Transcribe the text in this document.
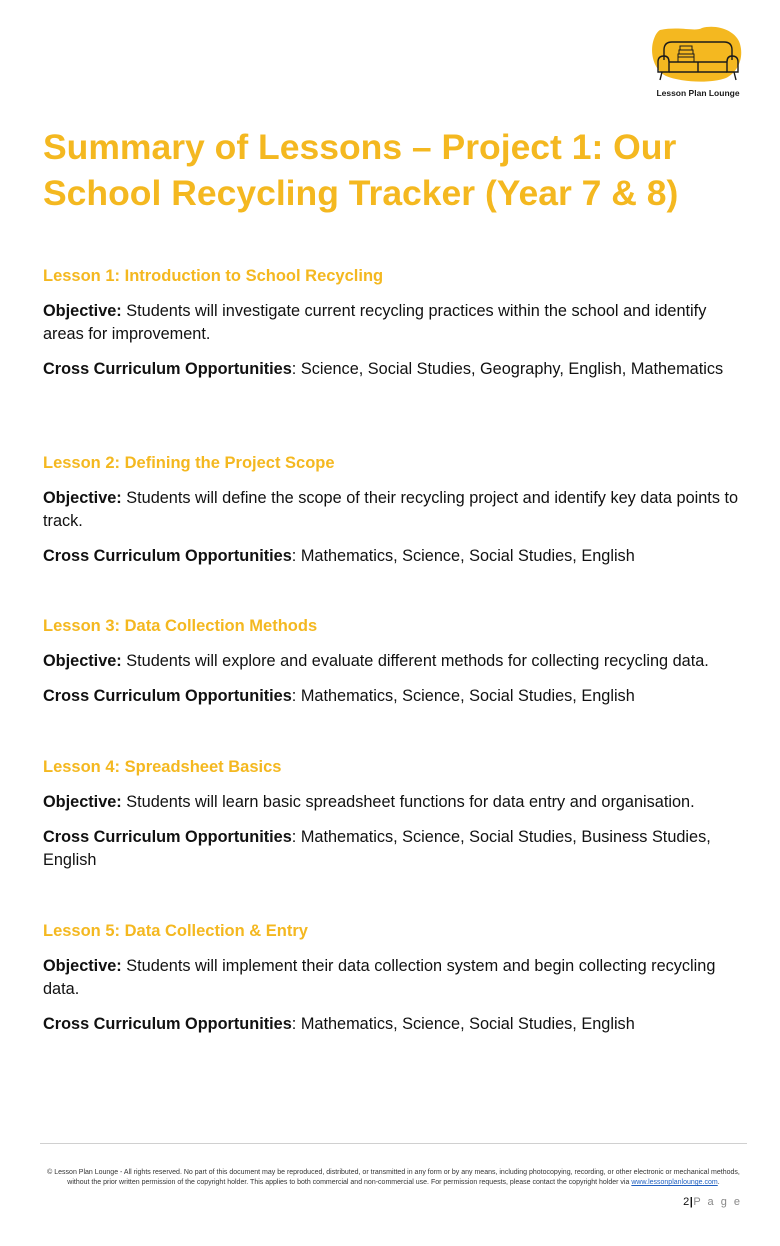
Lesson Plan Lounge
Summary of Lessons – Project 1: Our School Recycling Tracker (Year 7 & 8)
Lesson 1: Introduction to School Recycling

Objective: Students will investigate current recycling practices within the school and identify areas for improvement.

Cross Curriculum Opportunities: Science, Social Studies, Geography, English, Mathematics

Lesson 2: Defining the Project Scope

Objective: Students will define the scope of their recycling project and identify key data points to track.

Cross Curriculum Opportunities: Mathematics, Science, Social Studies, English

Lesson 3: Data Collection Methods

Objective: Students will explore and evaluate different methods for collecting recycling data.

Cross Curriculum Opportunities: Mathematics, Science, Social Studies, English

Lesson 4: Spreadsheet Basics

Objective: Students will learn basic spreadsheet functions for data entry and organisation.

Cross Curriculum Opportunities: Mathematics, Science, Social Studies, Business Studies, English

Lesson 5: Data Collection & Entry

Objective: Students will implement their data collection system and begin collecting recycling data.

Cross Curriculum Opportunities: Mathematics, Science, Social Studies, English

© Lesson Plan Lounge - All rights reserved. No part of this document may be reproduced, distributed, or transmitted in any form or by any means, including photocopying, recording, or other electronic or mechanical methods, without the prior written permission of the copyright holder. This applies to both commercial and non-commercial use. For permission requests, please contact the copyright holder via www.lessonplanlounge.com.
2|P a g e
